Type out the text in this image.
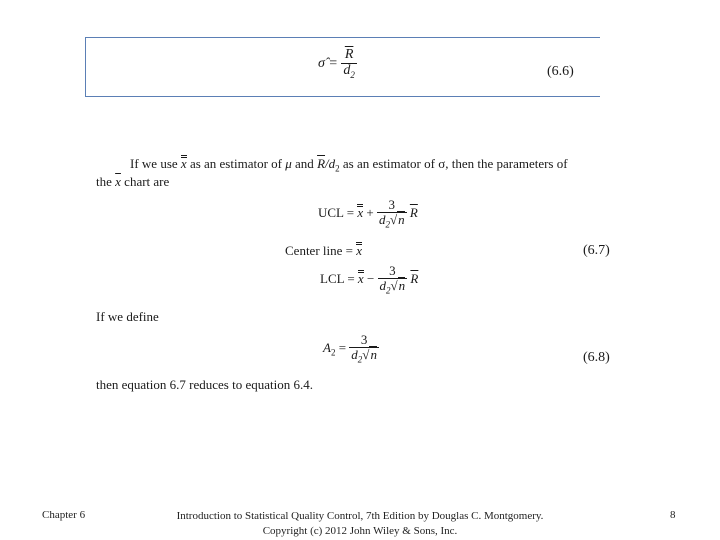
σ̂ = $\frac{\overline{R}}{d_2}$	(6.6)
If we use x as an estimator of μ and $\overline{R}/d_2$ as an estimator of σ, then the parameters of
the $\overline{x}$ chart are
UCL = $x + \frac{3}{d_2√n} \overline{R}$
Center line = x	(6.7)
LCL = $x - \frac{3}{d_2√n} \overline{R}$
If we define
$A_2 = \frac{3}{d_2√n}$	(6.8)
then equation 6.7 reduces to equation 6.4.
Chapter 6	Introduction to Statistical Quality Control, 7th Edition by Douglas C. Montgomery.
Copyright (c) 2012 John Wiley & Sons, Inc.
8
